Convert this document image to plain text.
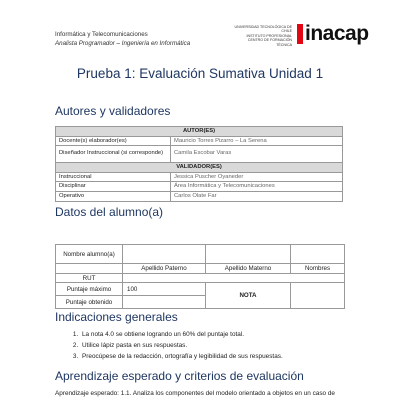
Informática y Telecomunicaciones
Analista Programador – Ingeniería en Informática
UNIVERSIDAD TECNOLÓGICA DE CHILE
INSTITUTO PROFESIONAL
CENTRO DE FORMACIÓN TÉCNICA inacap
Prueba 1: Evaluación Sumativa Unidad 1
Autores y validadores
AUTOR(ES)	
Docente(s) elaborador(es)	Mauricio Torres Pizarro – La Serena
Diseñador Instruccional (si corresponde)	Camila Escobar Varas
VALIDADOR(ES)	
Instruccional	Jessica Puscher Oyaneder
Disciplinar	Área Informática y Telecomunicaciones
Operativo	Carlos Olate Far
Datos del alumno(a)
Nombre alumno(a)			
	Apellido Paterno	Apellido Materno	Nombres
RUT			
Puntaje máximo	100	NOTA	
Puntaje obtenido			
Indicaciones generales
1. La nota 4.0 se obtiene logrando un 60% del puntaje total.
2. Utilice lápiz pasta en sus respuestas.
3. Preocúpese de la redacción, ortografía y legibilidad de sus respuestas.
Aprendizaje esperado y criterios de evaluación
Aprendizaje esperado: 1.1. Analiza los componentes del modelo orientado a objetos en un caso de
